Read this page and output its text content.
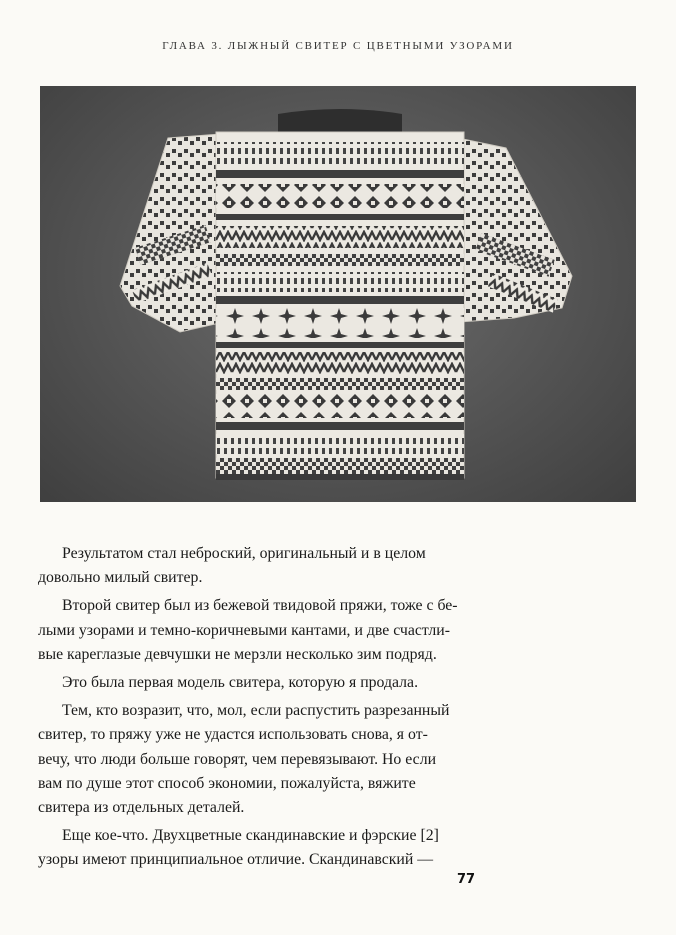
ГЛАВА 3. ЛЫЖНЫЙ СВИТЕР С ЦВЕТНЫМИ УЗОРАМИ

Результатом стал неброский, оригинальный и в целом
довольно милый свитер.

Второй свитер был из бежевой твидовой пряжи, тоже с бе-
лыми узорами и темно-коричневыми кантами, и две счастли-
вые кареглазые девчушки не мерзли несколько зим подряд.

Это была первая модель свитера, которую я продала.

Тем, кто возразит, что, мол, если распустить разрезанный
свитер, то пряжу уже не удастся использовать снова, я от-
вечу, что люди больше говорят, чем перевязывают. Но если
вам по душе этот способ экономии, пожалуйста, вяжите
свитера из отдельных деталей.

Еще кое-что. Двухцветные скандинавские и фэрские [2]
узоры имеют принципиальное отличие. Скандинавский —

77
